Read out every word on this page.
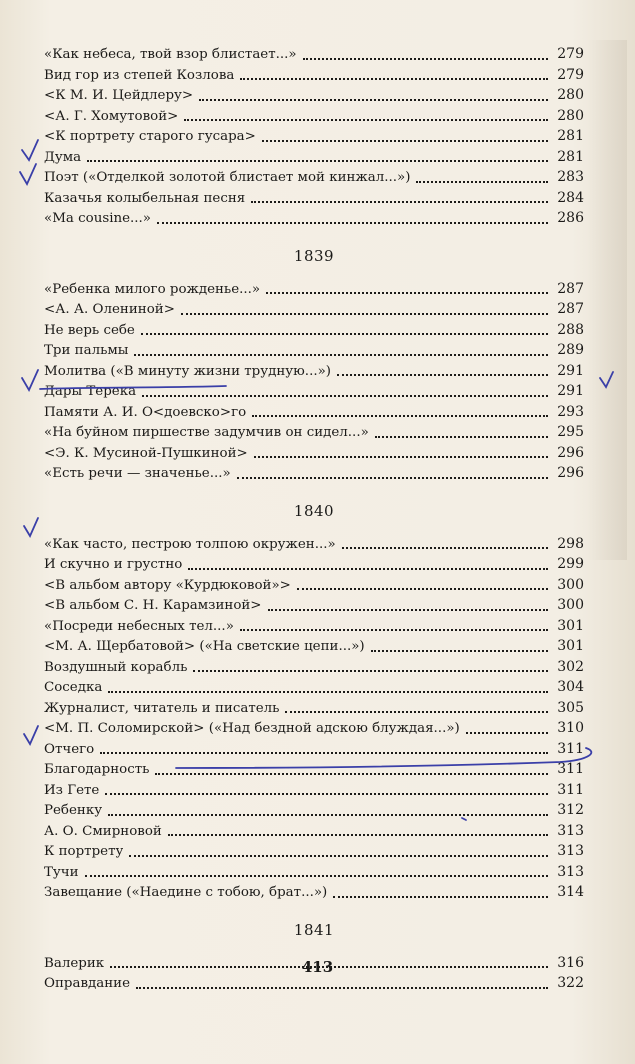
«Как небеса, твой взор блистает...»	279
Вид гор из степей Козлова	279
<К М. И. Цейдлеру>	280
<А. Г. Хомутовой>	280
<К портрету старого гусара>	281
Дума	281
Поэт («Отделкой золотой блистает мой кинжал...»)	283
Казачья колыбельная песня	284
«Ma cousine...»	286
1839
«Ребенка милого рожденье...»	287
<А. А. Олениной>	287
Не верь себе	288
Три пальмы	289
Молитва («В минуту жизни трудную...»)	291
Дары Терека	291
Памяти А. И. О<доевско>го	293
«На буйном пиршестве задумчив он сидел...»	295
<Э. К. Мусиной-Пушкиной>	296
«Есть речи — значенье...»	296
1840
«Как часто, пестрою толпою окружен...»	298
И скучно и грустно	299
<В альбом автору «Курдюковой»>	300
<В альбом С. Н. Карамзиной>	300
«Посреди небесных тел...»	301
<М. А. Щербатовой> («На светские цепи...»)	301
Воздушный корабль	302
Соседка	304
Журналист, читатель и писатель	305
<М. П. Соломирской> («Над бездной адскою блуждая...»)	310
Отчего	311
Благодарность	311
Из Гете	311
Ребенку	312
А. О. Смирновой	313
К портрету	313
Тучи	313
Завещание («Наедине с тобою, брат...»)	314
1841
Валерик	316
Оправдание	322
413
